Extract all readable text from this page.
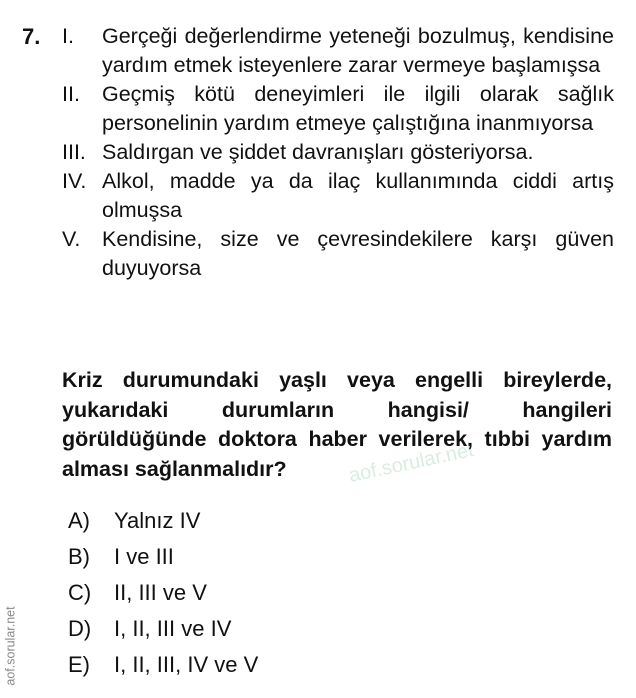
7. I.	Gerçeği değerlendirme yeteneği bozulmuş, kendisine yardım etmek isteyenlere zarar vermeye başlamışsa
II.	Geçmiş kötü deneyimleri ile ilgili olarak sağlık personelinin yardım etmeye çalıştığına inanmıyorsa
III. Saldırgan ve şiddet davranışları gösteriyorsa.
IV. Alkol, madde ya da ilaç kullanımında ciddi artış olmuşsa
V.	Kendisine, size ve çevresindekilere karşı güven duyuyorsa
Kriz durumundaki yaşlı veya engelli bireylerde, yukarıdaki durumların hangisi/ hangileri görüldüğünde doktora haber verilerek, tıbbi yardım alması sağlanmalıdır?	aof.sorular.net
A)	Yalnız IV
B)	I ve III
C)	II, III ve V
D)	I, II, III ve IV
E)	I, II, III, IV ve V
aof.sorular.net
